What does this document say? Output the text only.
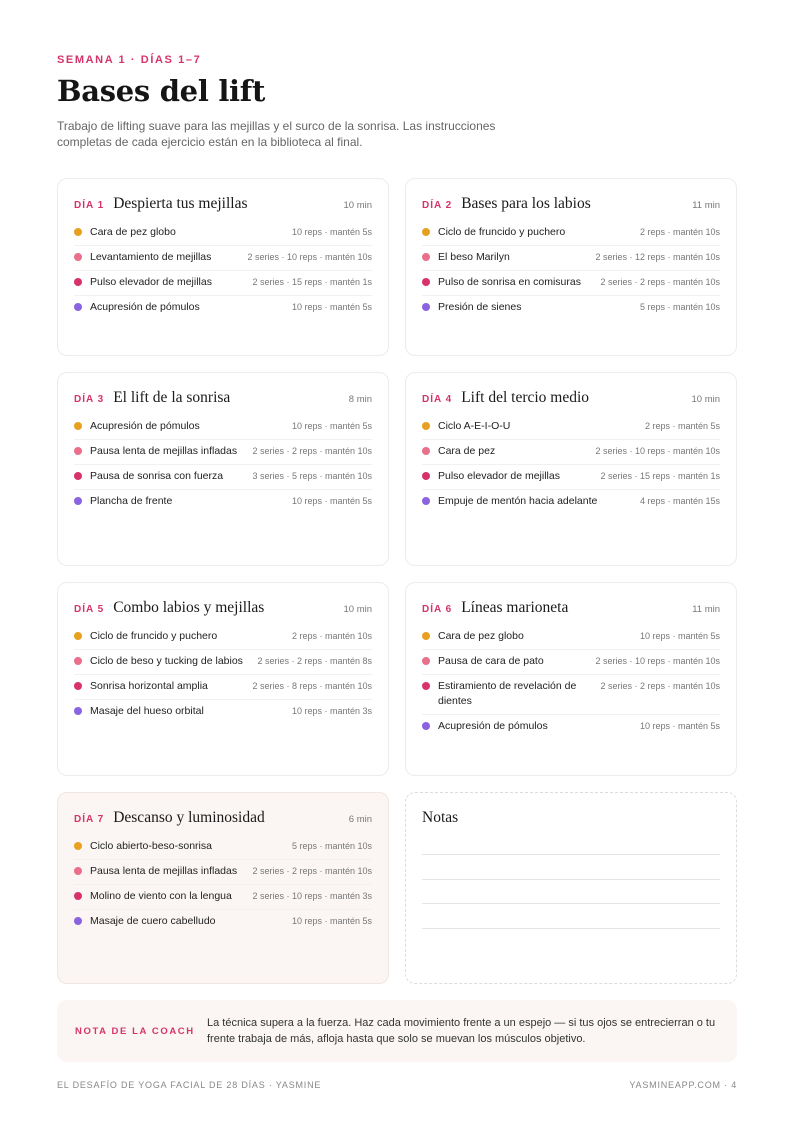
SEMANA 1 · DÍAS 1–7
Bases del lift

Trabajo de lifting suave para las mejillas y el surco de la sonrisa. Las instrucciones completas de cada ejercicio están en la biblioteca al final.

DÍA 1 Despierta tus mejillas	10 min
Cara de pez globo	10 reps · mantén 5s
Levantamiento de mejillas	2 series · 10 reps · mantén 10s
Pulso elevador de mejillas	2 series · 15 reps · mantén 1s
Acupresión de pómulos	10 reps · mantén 5s
DÍA 2 Bases para los labios	11 min
Ciclo de fruncido y puchero	2 reps · mantén 10s
El beso Marilyn	2 series · 12 reps · mantén 10s
Pulso de sonrisa en comisuras	2 series · 2 reps · mantén 10s
Presión de sienes	5 reps · mantén 10s
DÍA 3 El lift de la sonrisa	8 min
Acupresión de pómulos	10 reps · mantén 5s
Pausa lenta de mejillas infladas	2 series · 2 reps · mantén 10s
Pausa de sonrisa con fuerza	3 series · 5 reps · mantén 10s
Plancha de frente	10 reps · mantén 5s
DÍA 4 Lift del tercio medio	10 min
Ciclo A-E-I-O-U	2 reps · mantén 5s
Cara de pez	2 series · 10 reps · mantén 10s
Pulso elevador de mejillas	2 series · 15 reps · mantén 1s
Empuje de mentón hacia adelante	4 reps · mantén 15s
DÍA 5 Combo labios y mejillas	10 min
Ciclo de fruncido y puchero	2 reps · mantén 10s
Ciclo de beso y tucking de labios	2 series · 2 reps · mantén 8s
Sonrisa horizontal amplia	2 series · 8 reps · mantén 10s
Masaje del hueso orbital	10 reps · mantén 3s
DÍA 6 Líneas marioneta	11 min
Cara de pez globo	10 reps · mantén 5s
Pausa de cara de pato	2 series · 10 reps · mantén 10s
Estiramiento de revelación de dientes
2 series · 2 reps · mantén 10s
Acupresión de pómulos	10 reps · mantén 5s
DÍA 7 Descanso y luminosidad	6 min
Ciclo abierto-beso-sonrisa	5 reps · mantén 10s
Pausa lenta de mejillas infladas	2 series · 2 reps · mantén 10s
Molino de viento con la lengua	2 series · 10 reps · mantén 3s
Masaje de cuero cabelludo	10 reps · mantén 5s
Notas
NOTA DE LA COACH
La técnica supera a la fuerza. Haz cada movimiento frente a un espejo — si tus ojos se entrecierran o tu frente trabaja de más, afloja hasta que solo se muevan los músculos objetivo.
EL DESAFÍO DE YOGA FACIAL DE 28 DÍAS · YASMINE	YASMINEAPP.COM · 4
